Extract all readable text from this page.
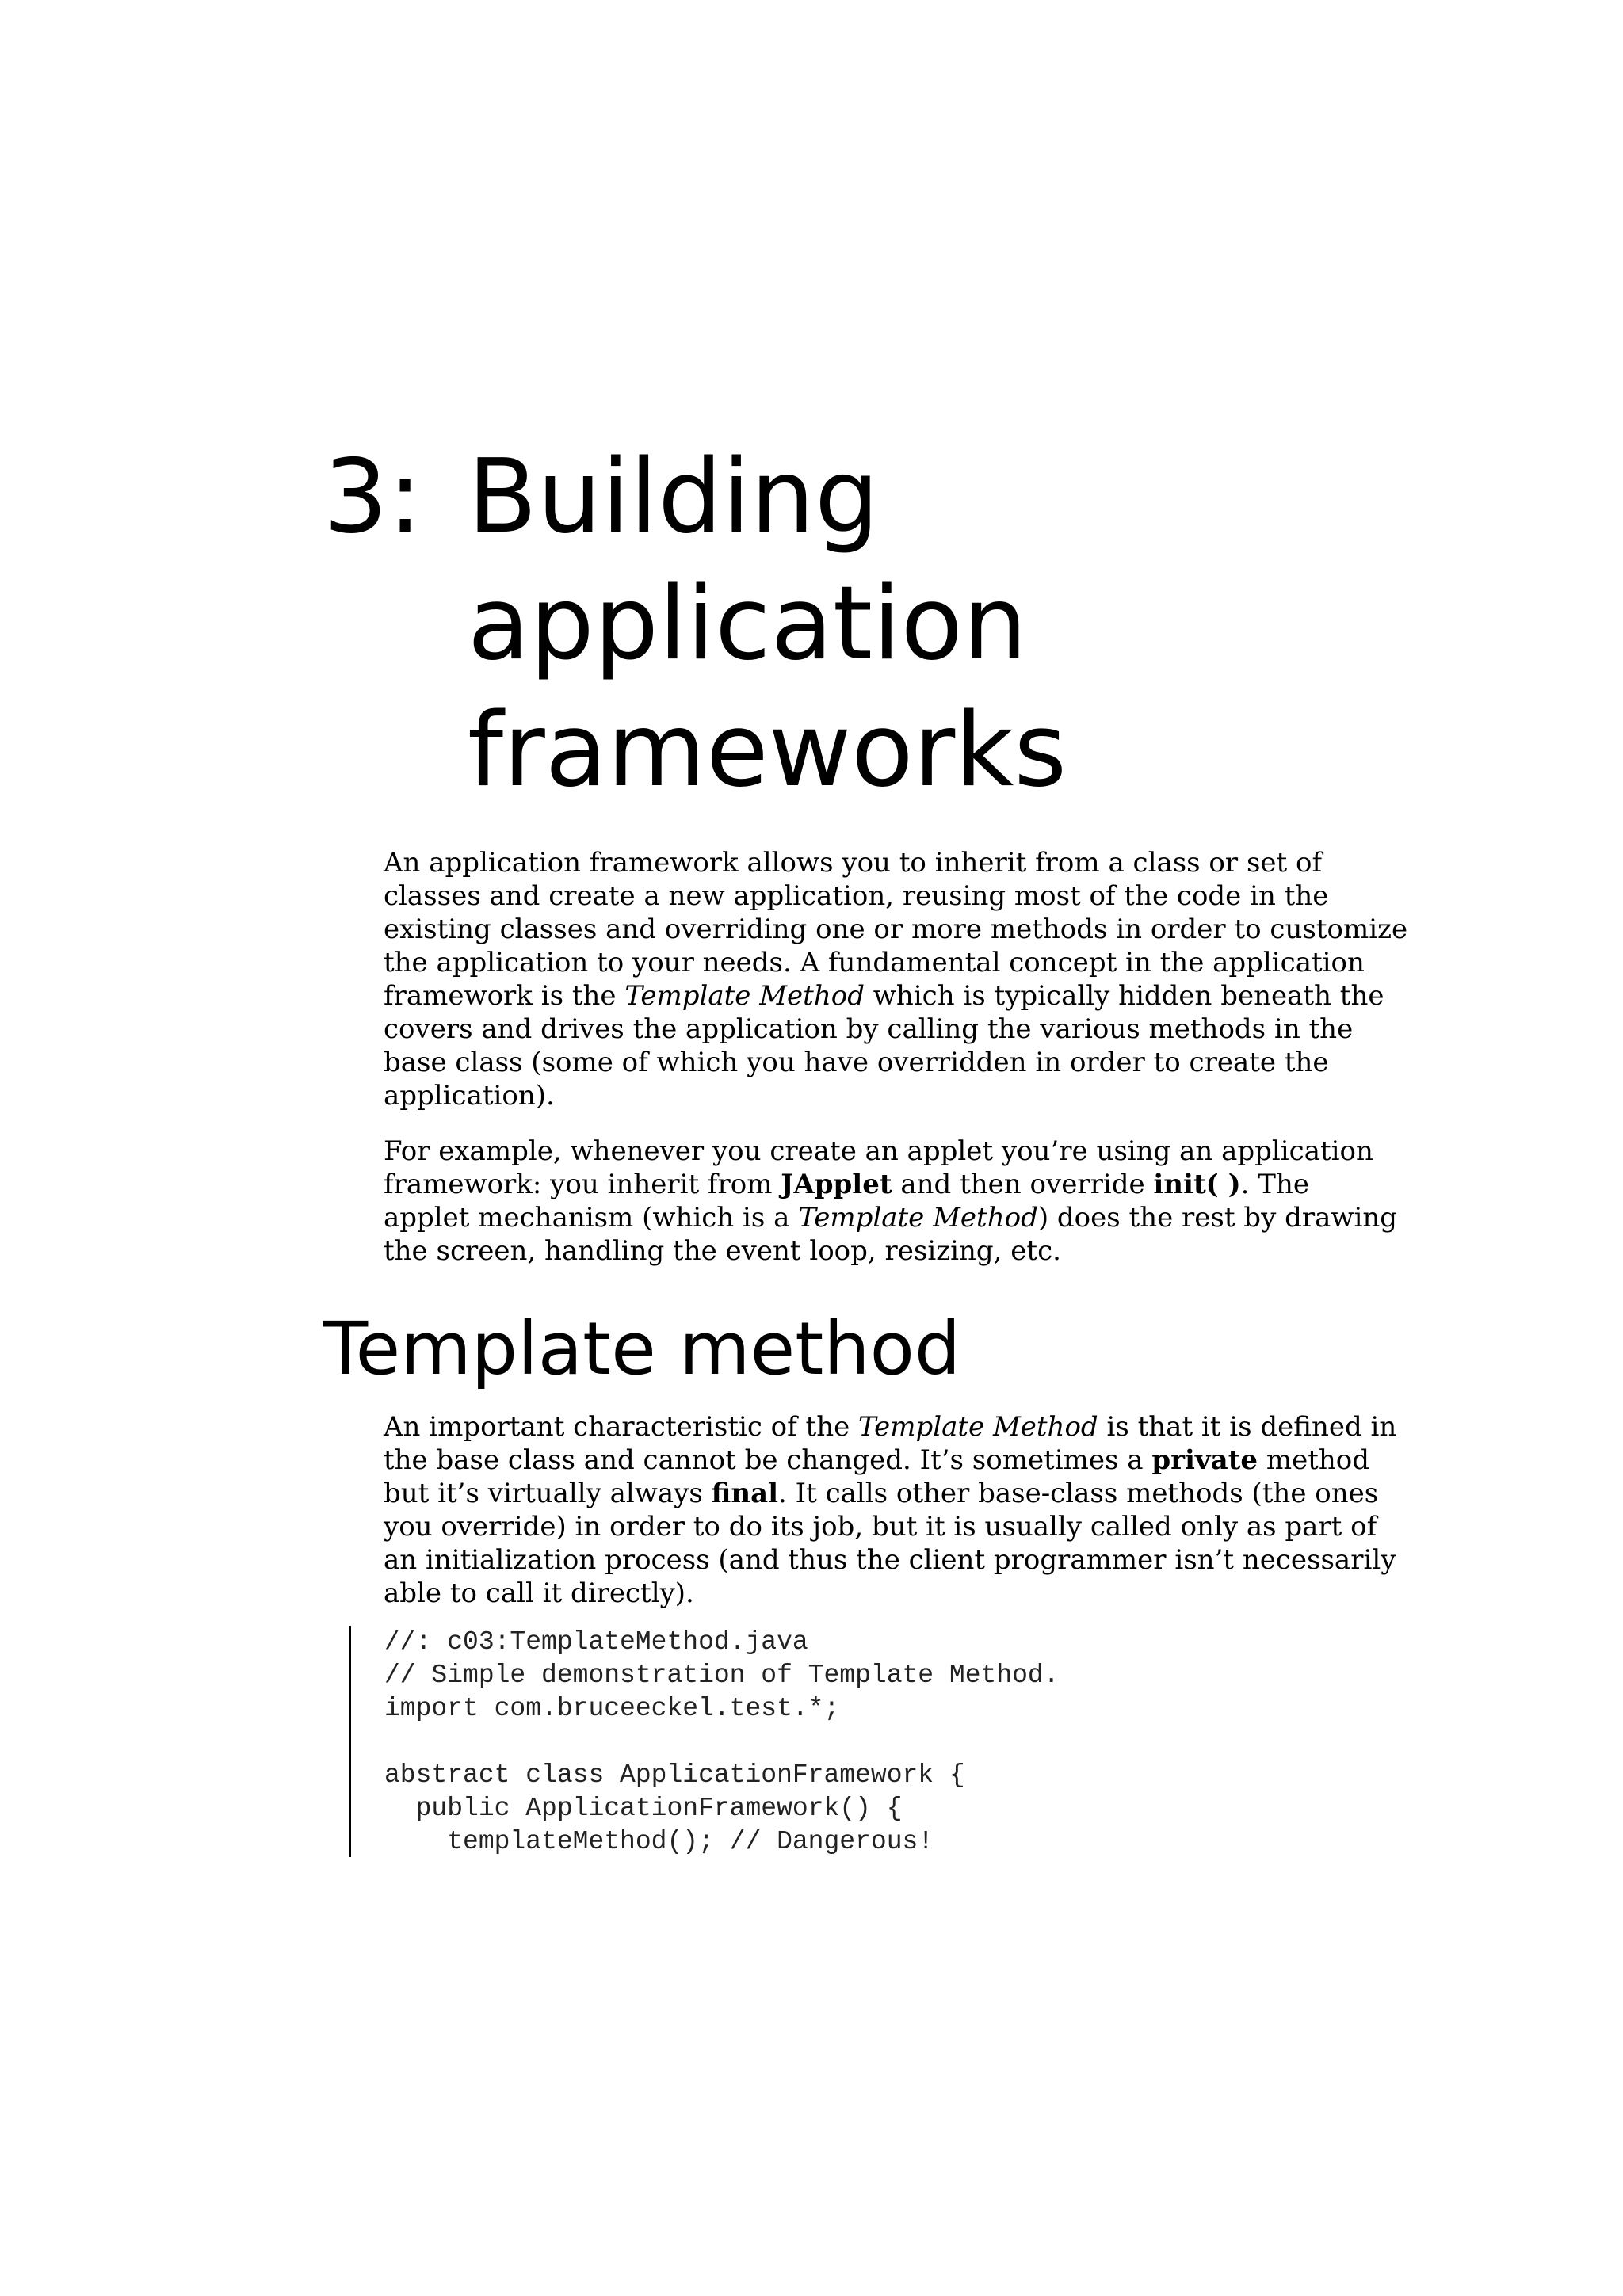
3: Building
application
frameworks

An application framework allows you to inherit from a class or set of
classes and create a new application, reusing most of the code in the
existing classes and overriding one or more methods in order to customize
the application to your needs. A fundamental concept in the application
framework is the Template Method which is typically hidden beneath the
covers and drives the application by calling the various methods in the
base class (some of which you have overridden in order to create the
application).

For example, whenever you create an applet you’re using an application
framework: you inherit from JApplet and then override init( ). The
applet mechanism (which is a Template Method) does the rest by drawing
the screen, handling the event loop, resizing, etc.

Template method

An important characteristic of the Template Method is that it is defined in
the base class and cannot be changed. It’s sometimes a private method
but it’s virtually always final. It calls other base-class methods (the ones
you override) in order to do its job, but it is usually called only as part of
an initialization process (and thus the client programmer isn’t necessarily
able to call it directly).

//: c03:TemplateMethod.java
// Simple demonstration of Template Method.
import com.bruceeckel.test.*;
abstract class ApplicationFramework {
public ApplicationFramework() {
templateMethod(); // Dangerous!
